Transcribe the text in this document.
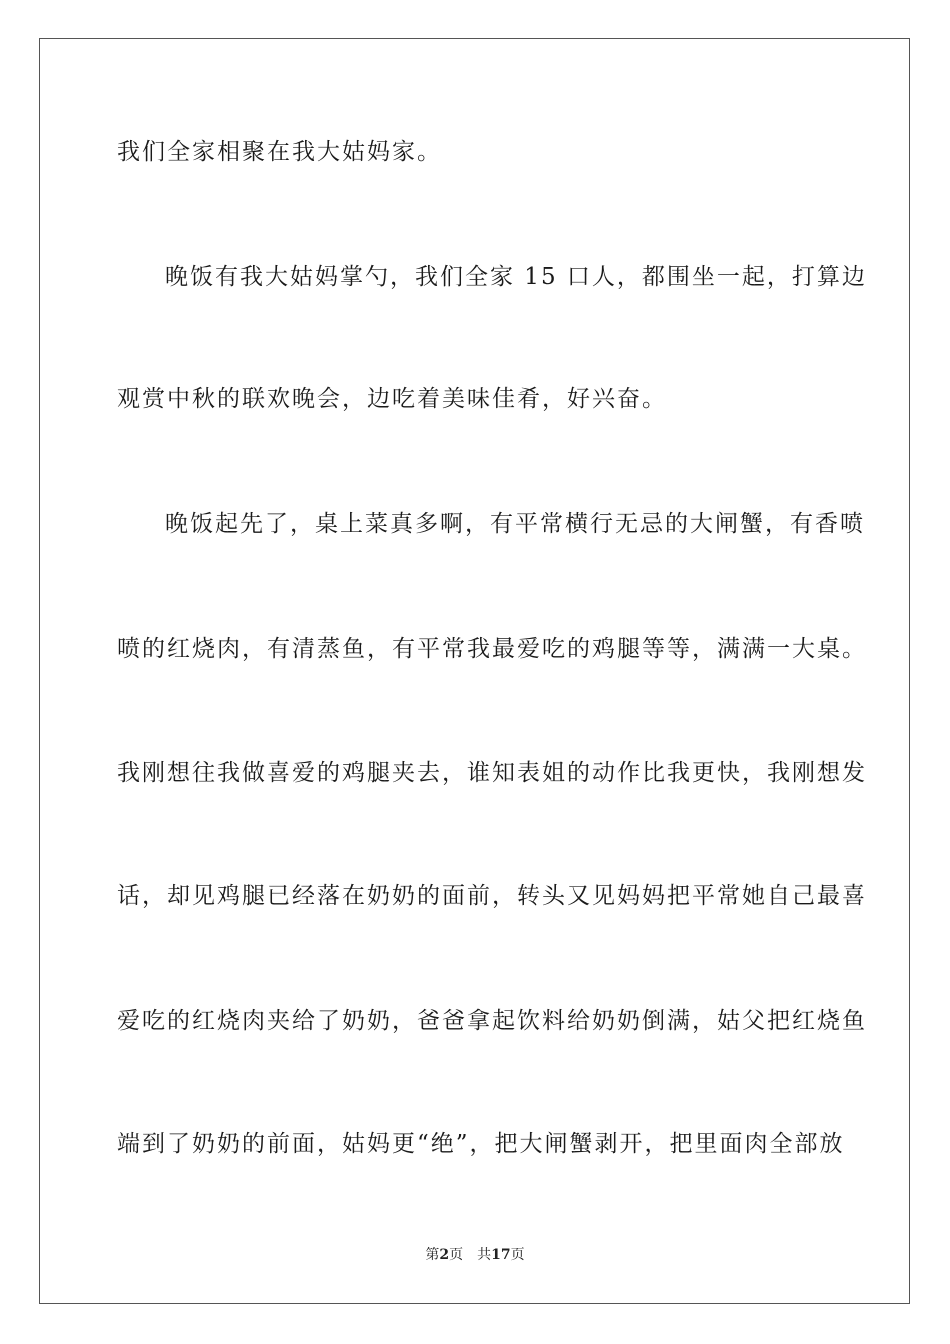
我们全家相聚在我大姑妈家。
晚饭有我大姑妈掌勺，我们全家 15 口人，都围坐一起，打算边
观赏中秋的联欢晚会，边吃着美味佳肴，好兴奋。
晚饭起先了，桌上菜真多啊，有平常横行无忌的大闸蟹，有香喷
喷的红烧肉，有清蒸鱼，有平常我最爱吃的鸡腿等等，满满一大桌。
我刚想往我做喜爱的鸡腿夹去，谁知表姐的动作比我更快，我刚想发
话，却见鸡腿已经落在奶奶的面前，转头又见妈妈把平常她自己最喜
爱吃的红烧肉夹给了奶奶，爸爸拿起饮料给奶奶倒满，姑父把红烧鱼
端到了奶奶的前面，姑妈更“绝”，把大闸蟹剥开，把里面肉全部放
第2页 共17页
